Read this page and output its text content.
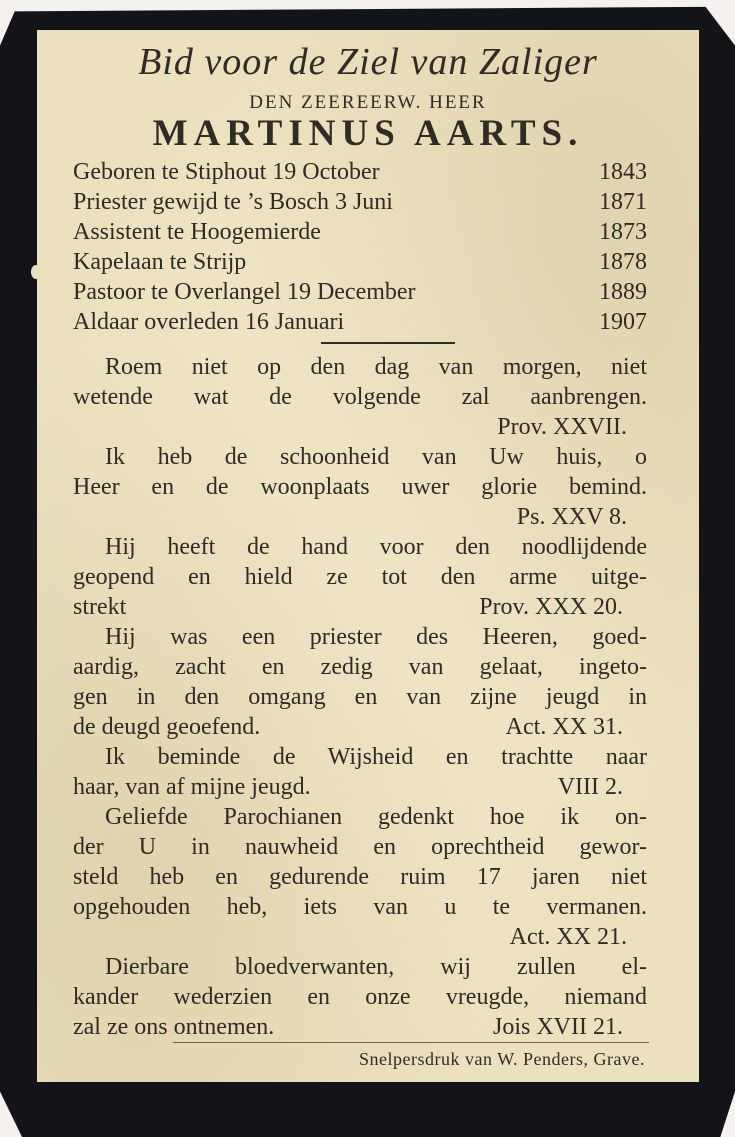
Bid voor de Ziel van Zaliger
DEN ZEEREERW. HEER
MARTINUS AARTS.
Geboren te Stiphout 19 October	1843
Priester gewijd te ’s Bosch 3 Juni	1871
Assistent te Hoogemierde	1873
Kapelaan te Strijp	1878
Pastoor te Overlangel 19 December	1889
Aldaar overleden 16 Januari	1907
Roem niet op den dag van morgen, niet
wetende wat de volgende zal aanbrengen.
Prov. XXVII.
Ik heb de schoonheid van Uw huis, o
Heer en de woonplaats uwer glorie bemind.
Ps. XXV 8.
Hij heeft de hand voor den noodlijdende
geopend en hield ze tot den arme uitge-
strekt	Prov. XXX 20.
Hij was een priester des Heeren, goed-
aardig, zacht en zedig van gelaat, ingeto-
gen in den omgang en van zijne jeugd in
de deugd geoefend.	Act. XX 31.
Ik beminde de Wijsheid en trachtte naar
haar, van af mijne jeugd.	VIII 2.
Geliefde Parochianen gedenkt hoe ik on-
der U in nauwheid en oprechtheid gewor-
steld heb en gedurende ruim 17 jaren niet
opgehouden heb, iets van u te vermanen.
Act. XX 21.
Dierbare bloedverwanten, wij zullen el-
kander wederzien en onze vreugde, niemand
zal ze ons ontnemen.	Jois XVII 21.
Snelpersdruk van W. Penders, Grave.
